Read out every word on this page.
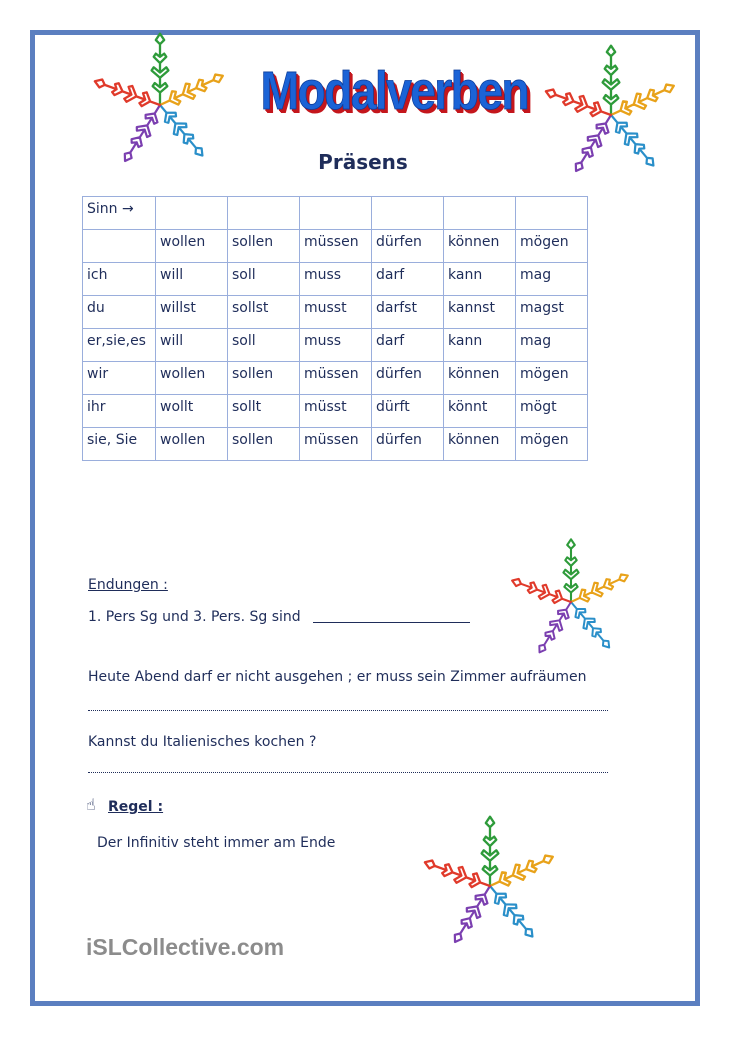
Modalverben
Präsens
Sinn →						
	wollen	sollen	müssen	dürfen	können	mögen
ich	will	soll	muss	darf	kann	mag
du	willst	sollst	musst	darfst	kannst	magst
er,sie,es	will	soll	muss	darf	kann	mag
wir	wollen	sollen	müssen	dürfen	können	mögen
ihr	wollt	sollt	müsst	dürft	könnt	mögt
sie, Sie	wollen	sollen	müssen	dürfen	können	mögen
Endungen :
1. Pers Sg und 3. Pers. Sg sind
Heute Abend darf er nicht ausgehen ; er muss sein Zimmer aufräumen
Kannst du Italienisches kochen ?
☝ Regel :
Der Infinitiv steht immer am Ende
iSLCollective.com
